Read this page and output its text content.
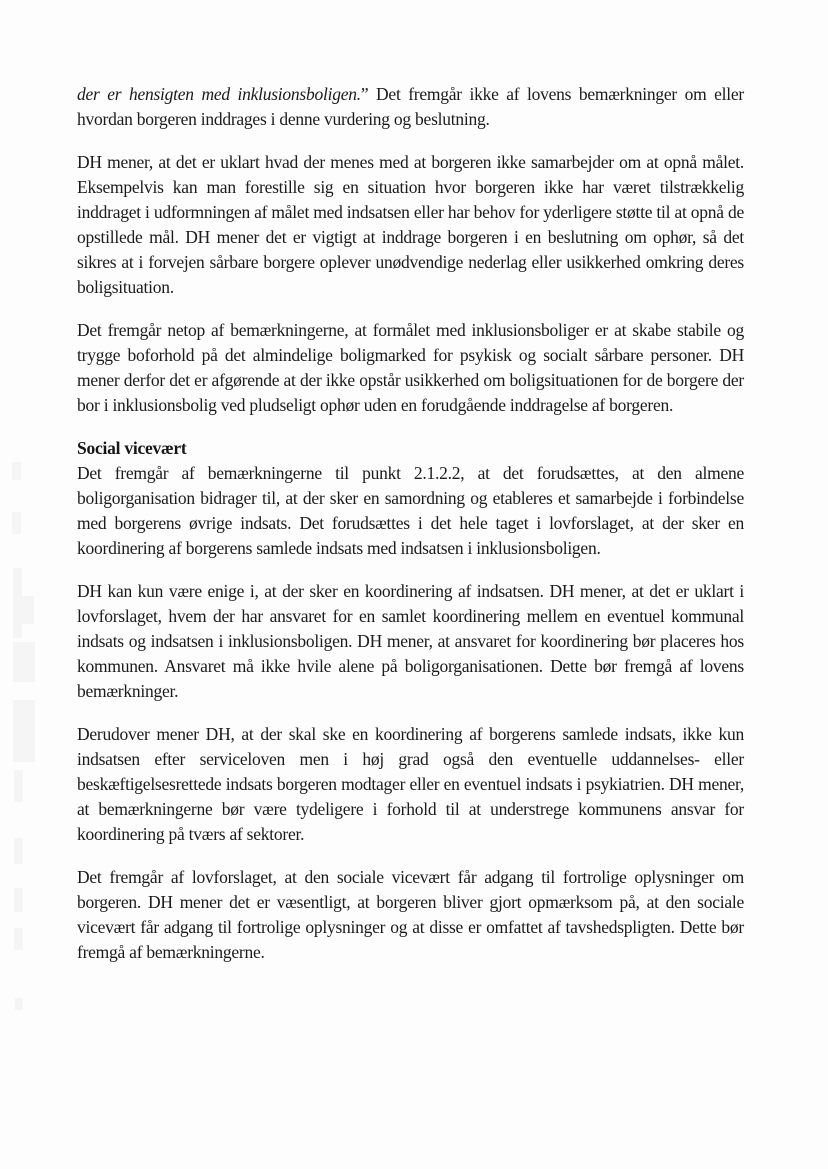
der er hensigten med inklusionsboligen.” Det fremgår ikke af lovens bemærkninger om eller hvordan borgeren inddrages i denne vurdering og beslutning.

DH mener, at det er uklart hvad der menes med at borgeren ikke samarbejder om at opnå målet. Eksempelvis kan man forestille sig en situation hvor borgeren ikke har været tilstrækkelig inddraget i udformningen af målet med indsatsen eller har behov for yderligere støtte til at opnå de opstillede mål. DH mener det er vigtigt at inddrage borgeren i en beslutning om ophør, så det sikres at i forvejen sårbare borgere oplever unødvendige nederlag eller usikkerhed omkring deres boligsituation.

Det fremgår netop af bemærkningerne, at formålet med inklusionsboliger er at skabe stabile og trygge boforhold på det almindelige boligmarked for psykisk og socialt sårbare personer. DH mener derfor det er afgørende at der ikke opstår usikkerhed om boligsituationen for de borgere der bor i inklusionsbolig ved pludseligt ophør uden en forudgående inddragelse af borgeren.

Social vicevært

Det fremgår af bemærkningerne til punkt 2.1.2.2, at det forudsættes, at den almene boligorganisation bidrager til, at der sker en samordning og etableres et samarbejde i forbindelse med borgerens øvrige indsats. Det forudsættes i det hele taget i lovforslaget, at der sker en koordinering af borgerens samlede indsats med indsatsen i inklusionsboligen.

DH kan kun være enige i, at der sker en koordinering af indsatsen. DH mener, at det er uklart i lovforslaget, hvem der har ansvaret for en samlet koordinering mellem en eventuel kommunal indsats og indsatsen i inklusionsboligen. DH mener, at ansvaret for koordinering bør placeres hos kommunen. Ansvaret må ikke hvile alene på boligorganisationen. Dette bør fremgå af lovens bemærkninger.

Derudover mener DH, at der skal ske en koordinering af borgerens samlede indsats, ikke kun indsatsen efter serviceloven men i høj grad også den eventuelle uddannelses- eller beskæftigelsesrettede indsats borgeren modtager eller en eventuel indsats i psykiatrien. DH mener, at bemærkningerne bør være tydeligere i forhold til at understrege kommunens ansvar for koordinering på tværs af sektorer.

Det fremgår af lovforslaget, at den sociale vicevært får adgang til fortrolige oplysninger om borgeren. DH mener det er væsentligt, at borgeren bliver gjort opmærksom på, at den sociale vicevært får adgang til fortrolige oplysninger og at disse er omfattet af tavshedspligten. Dette bør fremgå af bemærkningerne.
